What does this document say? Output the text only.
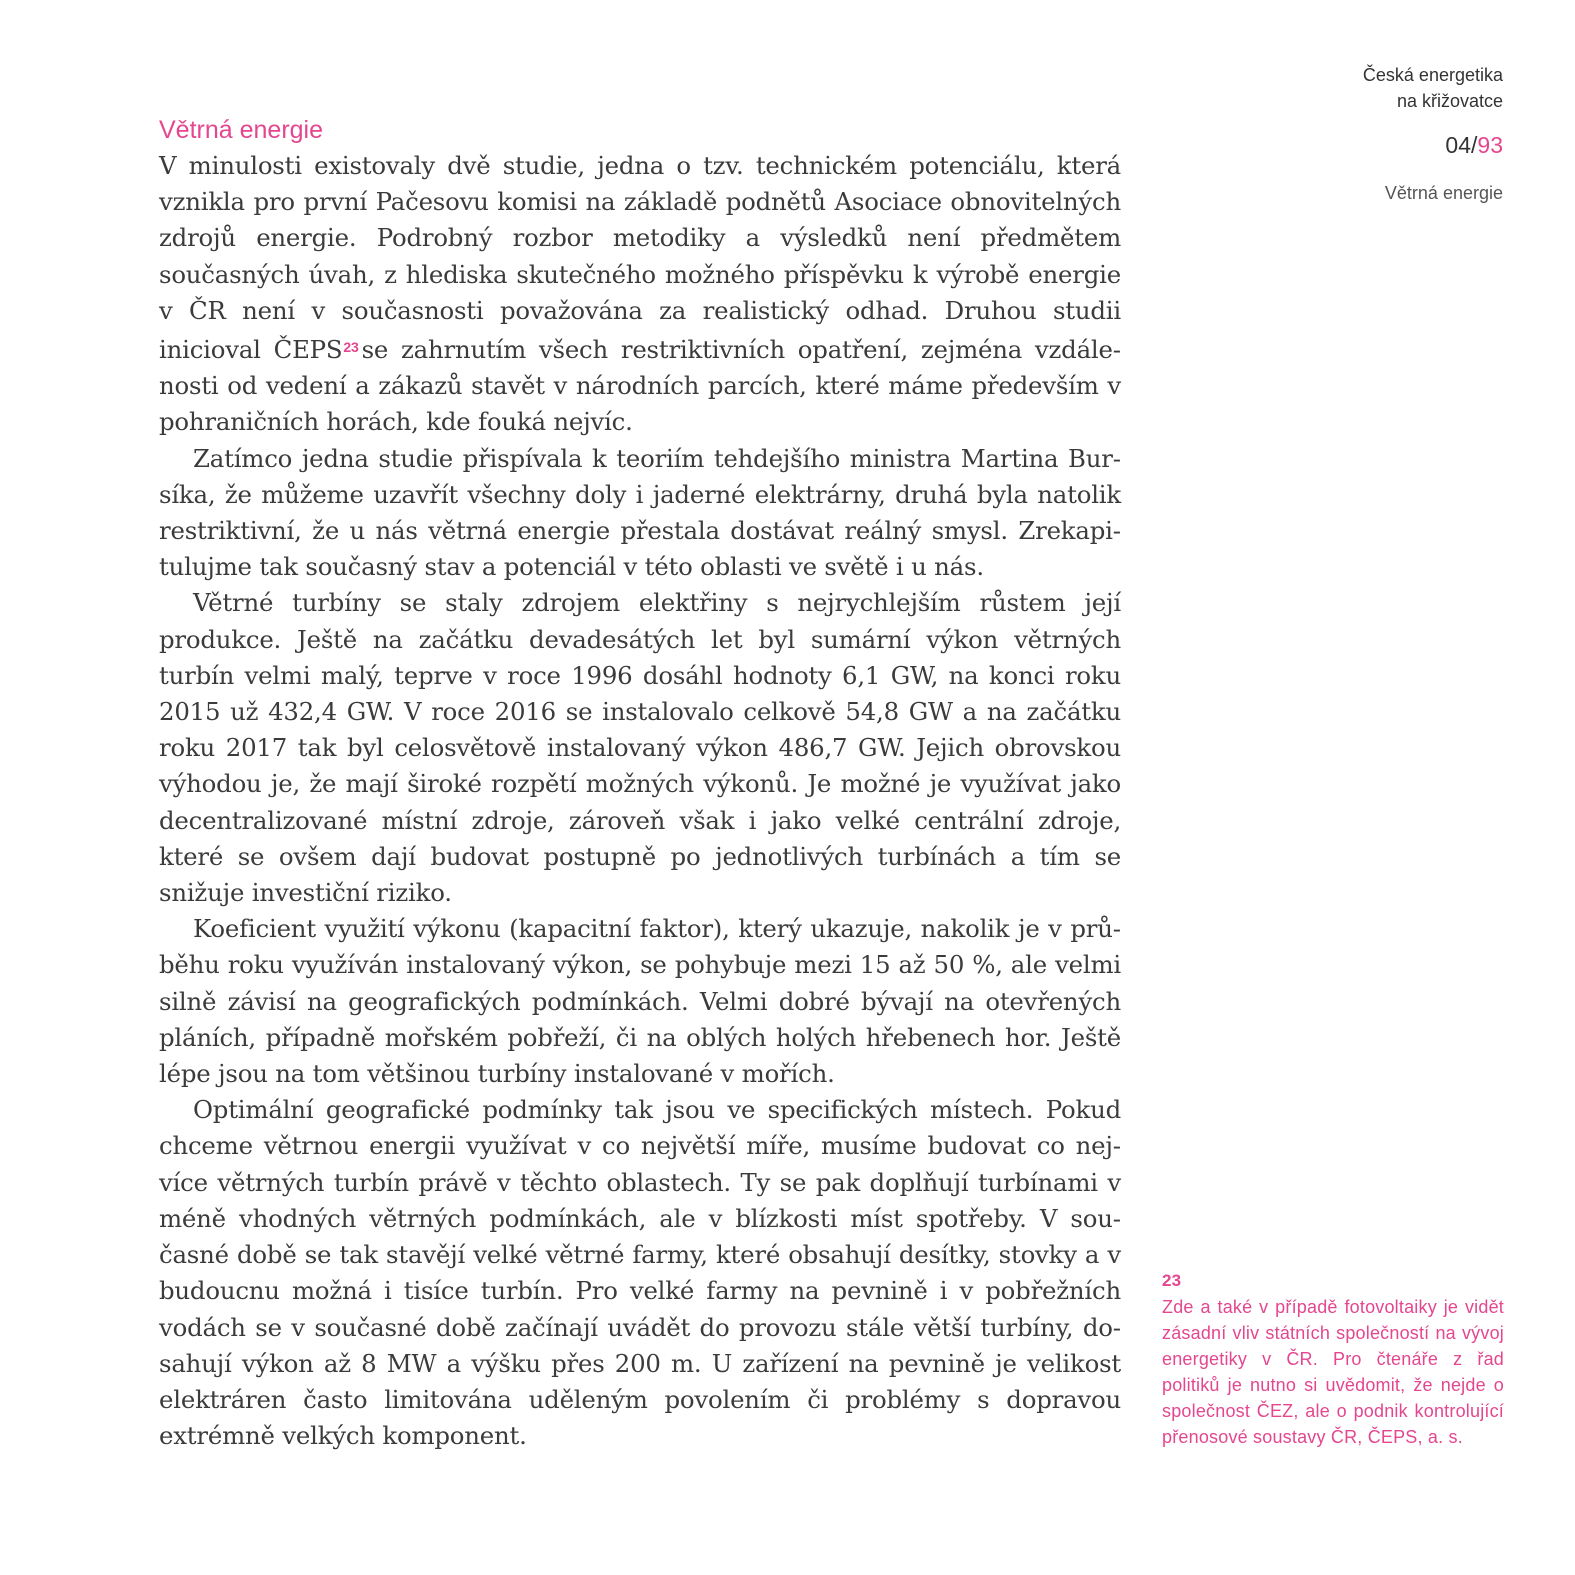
Česká energetika
na křižovatce
04/93
Větrná energie
Větrná energie

V minulosti existovaly dvě studie, jedna o tzv. technickém potenciálu, která vznikla pro první Pačesovu komisi na základě podnětů Asociace obnovitelných zdrojů energie. Podrobný rozbor metodiky a výsledků není předmětem současných úvah, z hlediska skutečného možného příspěvku k výrobě energie v ČR není v současnosti považována za realistický odhad. Druhou studii inicioval ČEPS$^{23}$ se zahrnutím všech restriktivních opatření, zejména vzdálenosti od vedení a zákazů stavět v národních parcích, které máme především v pohraničních horách, kde fouká nejvíc.

Zatímco jedna studie přispívala k teoriím tehdejšího ministra Martina Bursíka, že můžeme uzavřít všechny doly i jaderné elektrárny, druhá byla natolik restriktivní, že u nás větrná energie přestala dostávat reálný smysl. Zrekapitulujme tak současný stav a potenciál v této oblasti ve světě i u nás.

Větrné turbíny se staly zdrojem elektřiny s nejrychlejším růstem její produkce. Ještě na začátku devadesátých let byl sumární výkon větrných turbín velmi malý, teprve v roce 1996 dosáhl hodnoty 6,1 GW, na konci roku 2015 už 432,4 GW. V roce 2016 se instalovalo celkově 54,8 GW a na začátku roku 2017 tak byl celosvětově instalovaný výkon 486,7 GW. Jejich obrovskou výhodou je, že mají široké rozpětí možných výkonů. Je možné je využívat jako decentralizované místní zdroje, zároveň však i jako velké centrální zdroje, které se ovšem dají budovat postupně po jednotlivých turbínách a tím se snižuje investiční riziko.

Koeficient využití výkonu (kapacitní faktor), který ukazuje, nakolik je v průběhu roku využíván instalovaný výkon, se pohybuje mezi 15 až 50 %, ale velmi silně závisí na geografických podmínkách. Velmi dobré bývají na otevřených pláních, případně mořském pobřeží, či na oblých holých hřebenech hor. Ještě lépe jsou na tom většinou turbíny instalované v mořích.

Optimální geografické podmínky tak jsou ve specifických místech. Pokud chceme větrnou energii využívat v co největší míře, musíme budovat co nejvíce větrných turbín právě v těchto oblastech. Ty se pak doplňují turbínami v méně vhodných větrných podmínkách, ale v blízkosti míst spotřeby. V současné době se tak stavějí velké větrné farmy, které obsahují desítky, stovky a v budoucnu možná i tisíce turbín. Pro velké farmy na pevnině i v pobřežních vodách se v současné době začínají uvádět do provozu stále větší turbíny, dosahují výkon až 8 MW a výšku přes 200 m. U zařízení na pevnině je velikost elektráren často limitována uděleným povolením či problémy s dopravou extrémně velkých komponent.

23
Zde a také v případě fotovoltaiky je vidět zásadní vliv státních společností na vývoj energetiky v ČR. Pro čtenáře z řad politiků je nutno si uvědomit, že nejde o společnost ČEZ, ale o podnik kontrolující přenosové soustavy ČR, ČEPS, a. s.
